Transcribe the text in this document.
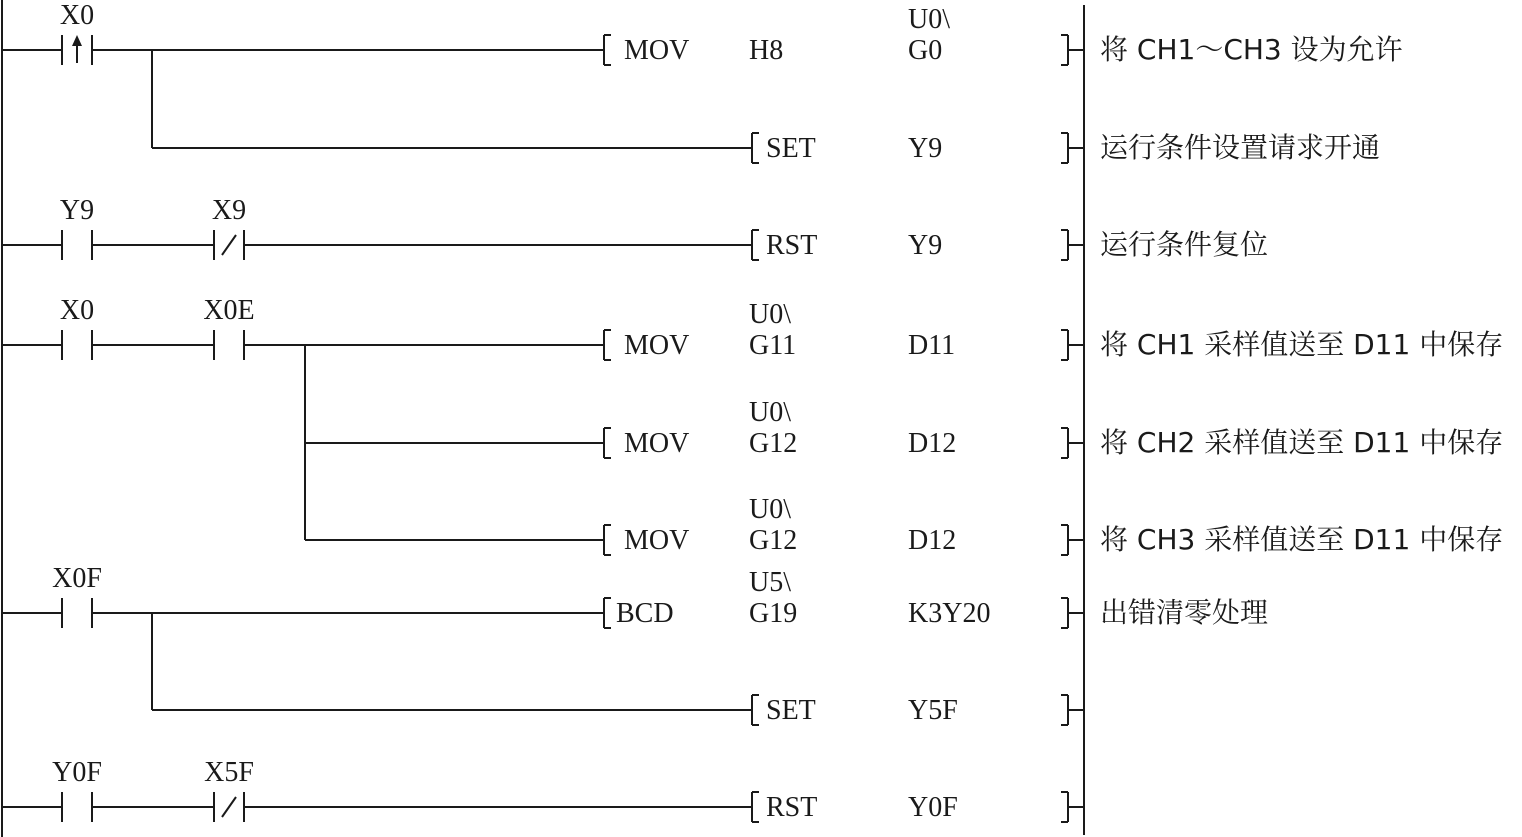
X0
MOV H8
U0\
G0	将 CH1～CH3 设为允许
SET	Y9	运行条件设置请求开通
Y9	X9
RST	Y9	运行条件复位
X0	X0E
MOV
U0\
G11	D11	将 CH1 采样值送至 D11 中保存
MOV
U0\
G12	D12	将 CH2 采样值送至 D11 中保存
MOV
U0\
G12	D12	将 CH3 采样值送至 D11 中保存
X0F
BCD
U5\
G19	K3Y20	出错清零处理
SET	Y5F
Y0F	X5F
RST	Y0F
